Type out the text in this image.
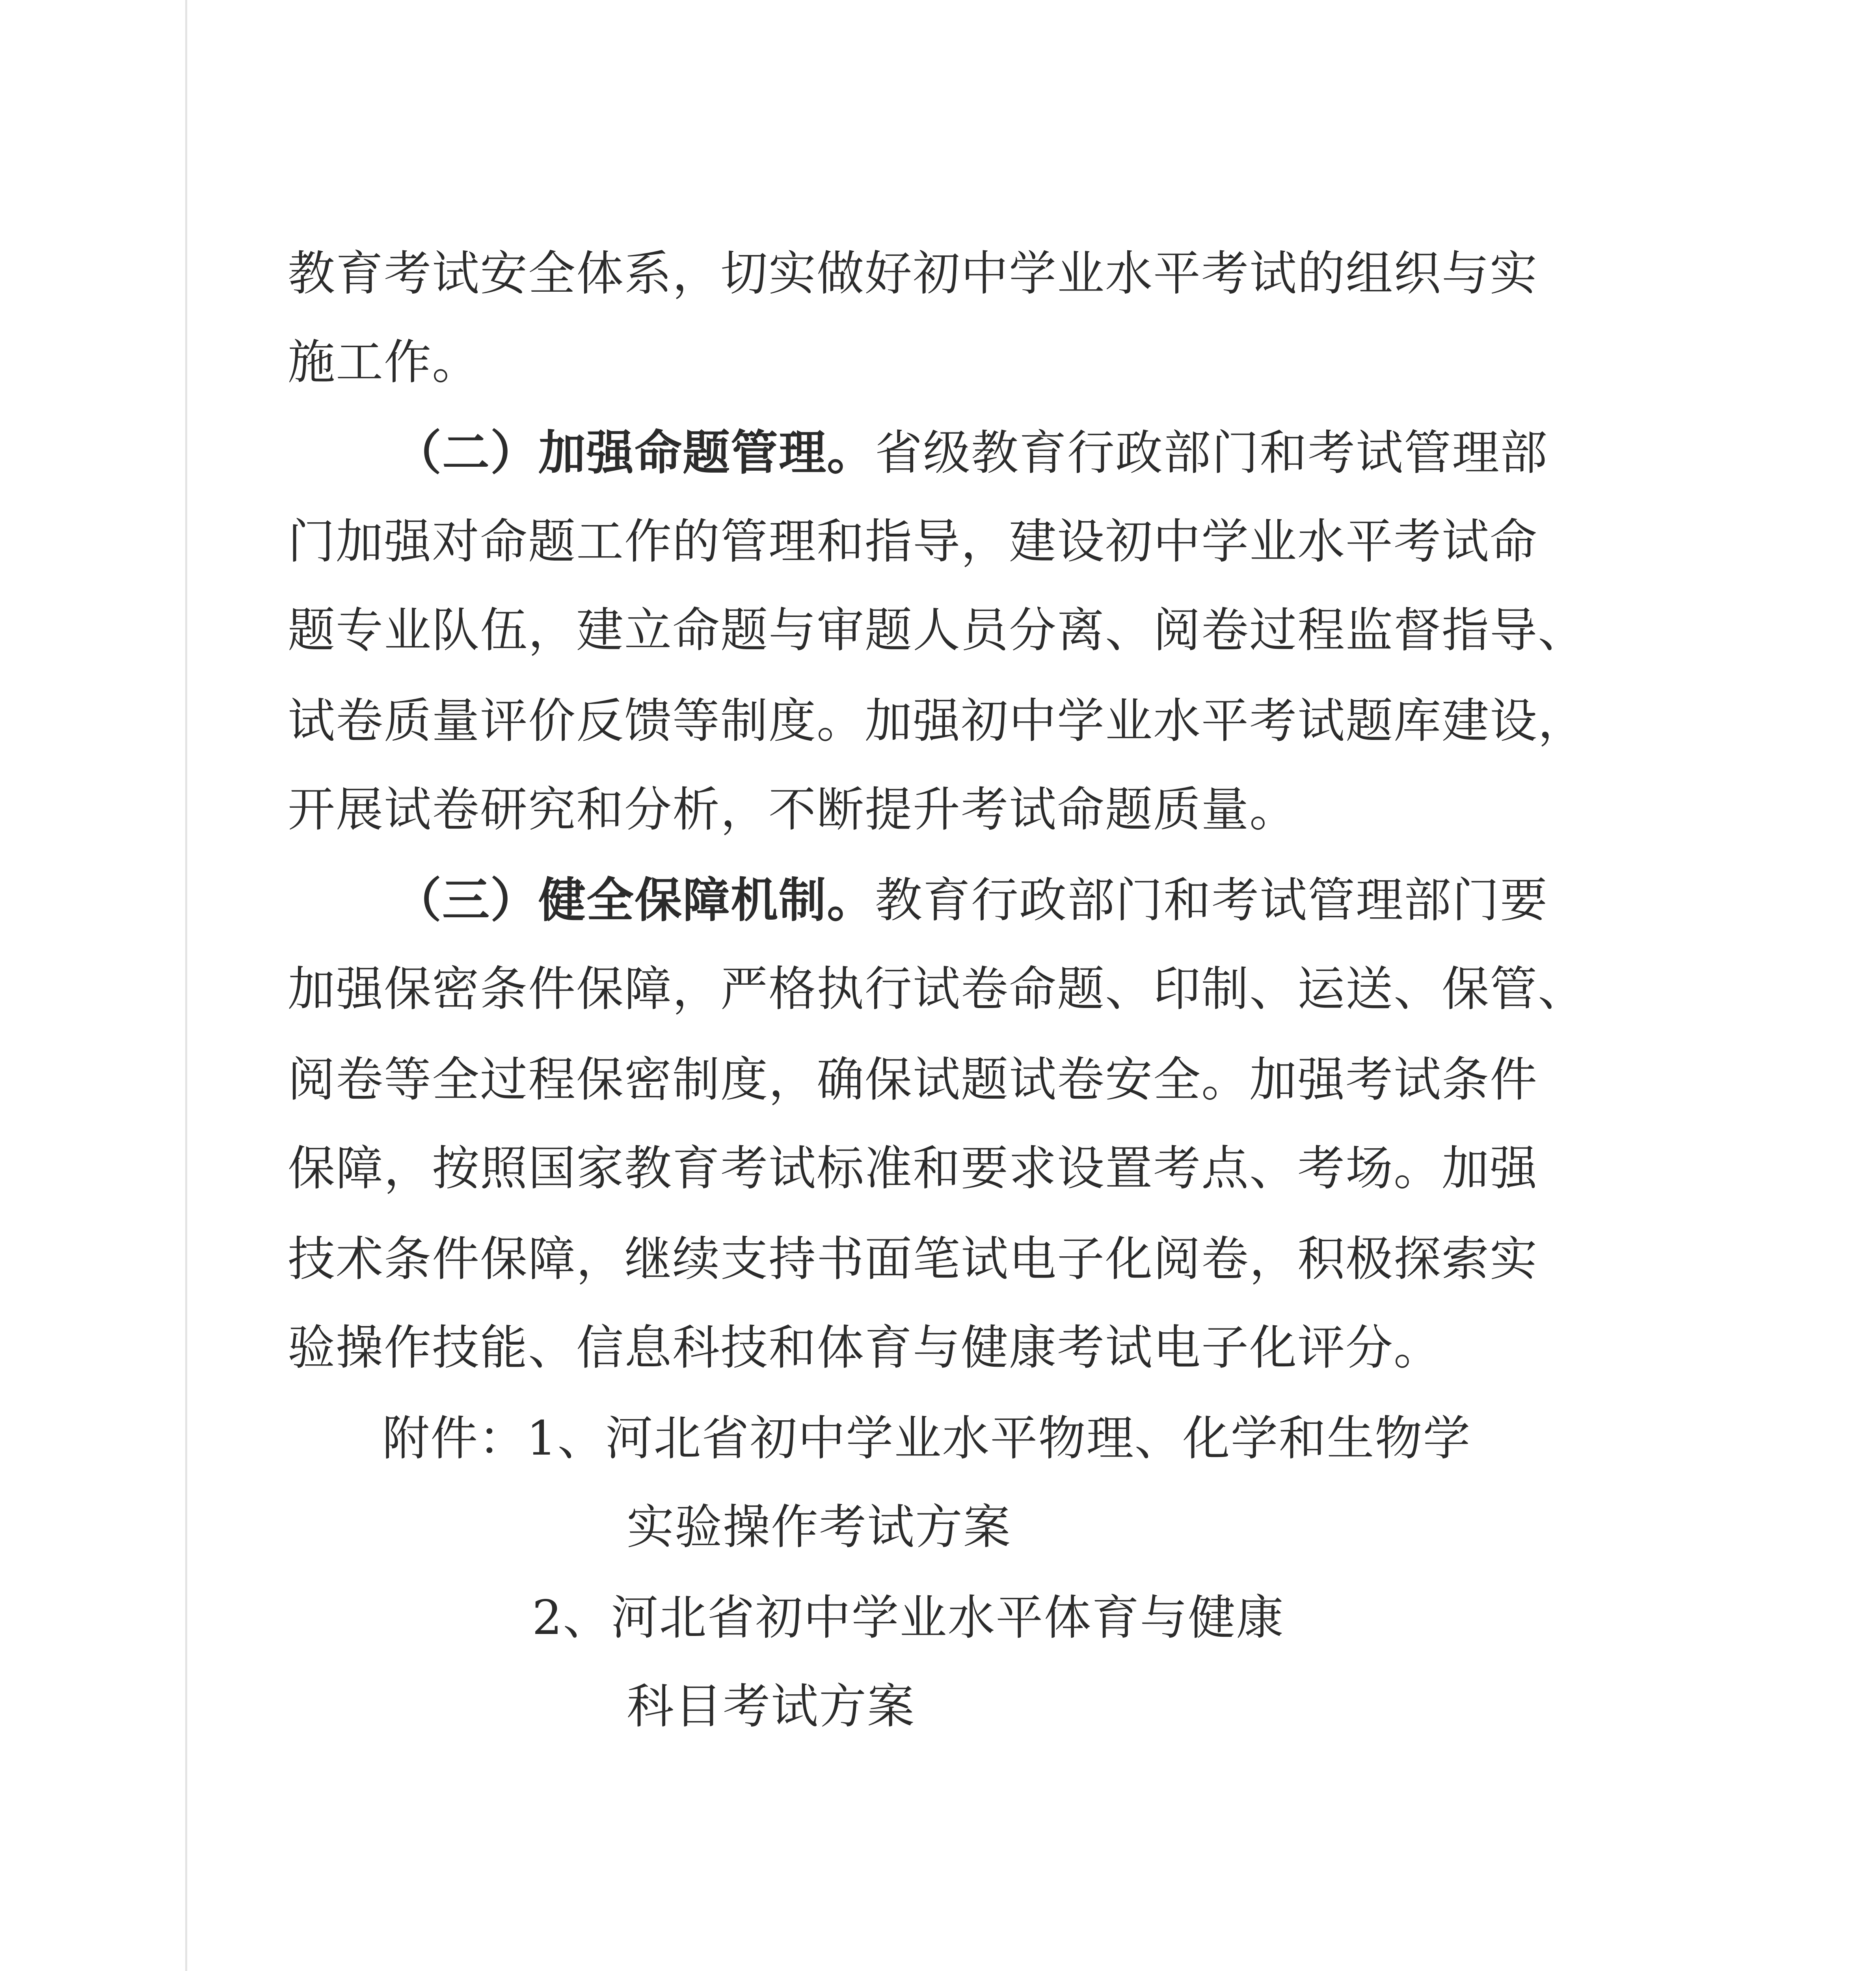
教育考试安全体系，切实做好初中学业水平考试的组织与实
施工作。
（二）加强命题管理。省级教育行政部门和考试管理部
门加强对命题工作的管理和指导，建设初中学业水平考试命
题专业队伍，建立命题与审题人员分离、阅卷过程监督指导、
试卷质量评价反馈等制度。加强初中学业水平考试题库建设，
开展试卷研究和分析，不断提升考试命题质量。
（三）健全保障机制。教育行政部门和考试管理部门要
加强保密条件保障，严格执行试卷命题、印制、运送、保管、
阅卷等全过程保密制度，确保试题试卷安全。加强考试条件
保障，按照国家教育考试标准和要求设置考点、考场。加强
技术条件保障，继续支持书面笔试电子化阅卷，积极探索实
验操作技能、信息科技和体育与健康考试电子化评分。
附件：1、河北省初中学业水平物理、化学和生物学
实验操作考试方案
2、河北省初中学业水平体育与健康
科目考试方案
